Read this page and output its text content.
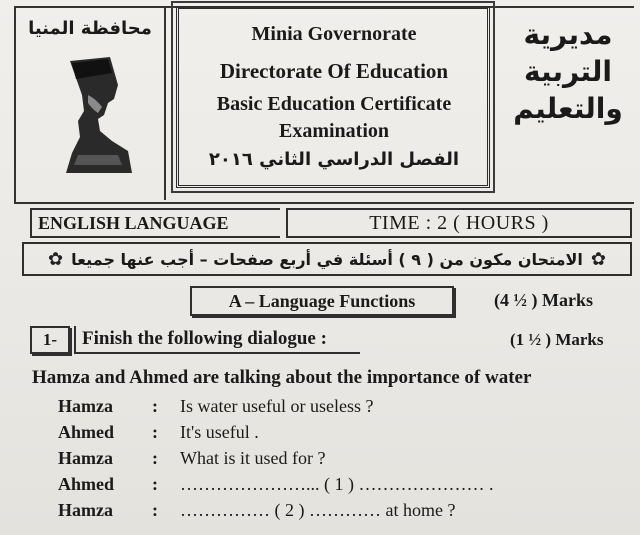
محافظة المنيا	Minia Governorate
Directorate Of Education
Basic Education Certificate
Examination
الفصل الدراسي الثاني ٢٠١٦
مديرية
التربية
والتعليم
ENGLISH LANGUAGE	TIME : 2 ( HOURS )
✿
الامتحان مكون من ( ٩ ) أسئلة في أربع صفحات – أجب عنها جميعا
✿
A – Language Functions	(4 ½ ) Marks
1-	Finish the following dialogue :	(1 ½ ) Marks
Hamza and Ahmed are talking about the importance of water
Hamza	: Is water useful or useless ?
Ahmed	: It's useful .
Hamza	: What is it used for ?
Ahmed	: …………………... ( 1 ) ………………… .
Hamza	: …………… ( 2 ) ………… at home ?
